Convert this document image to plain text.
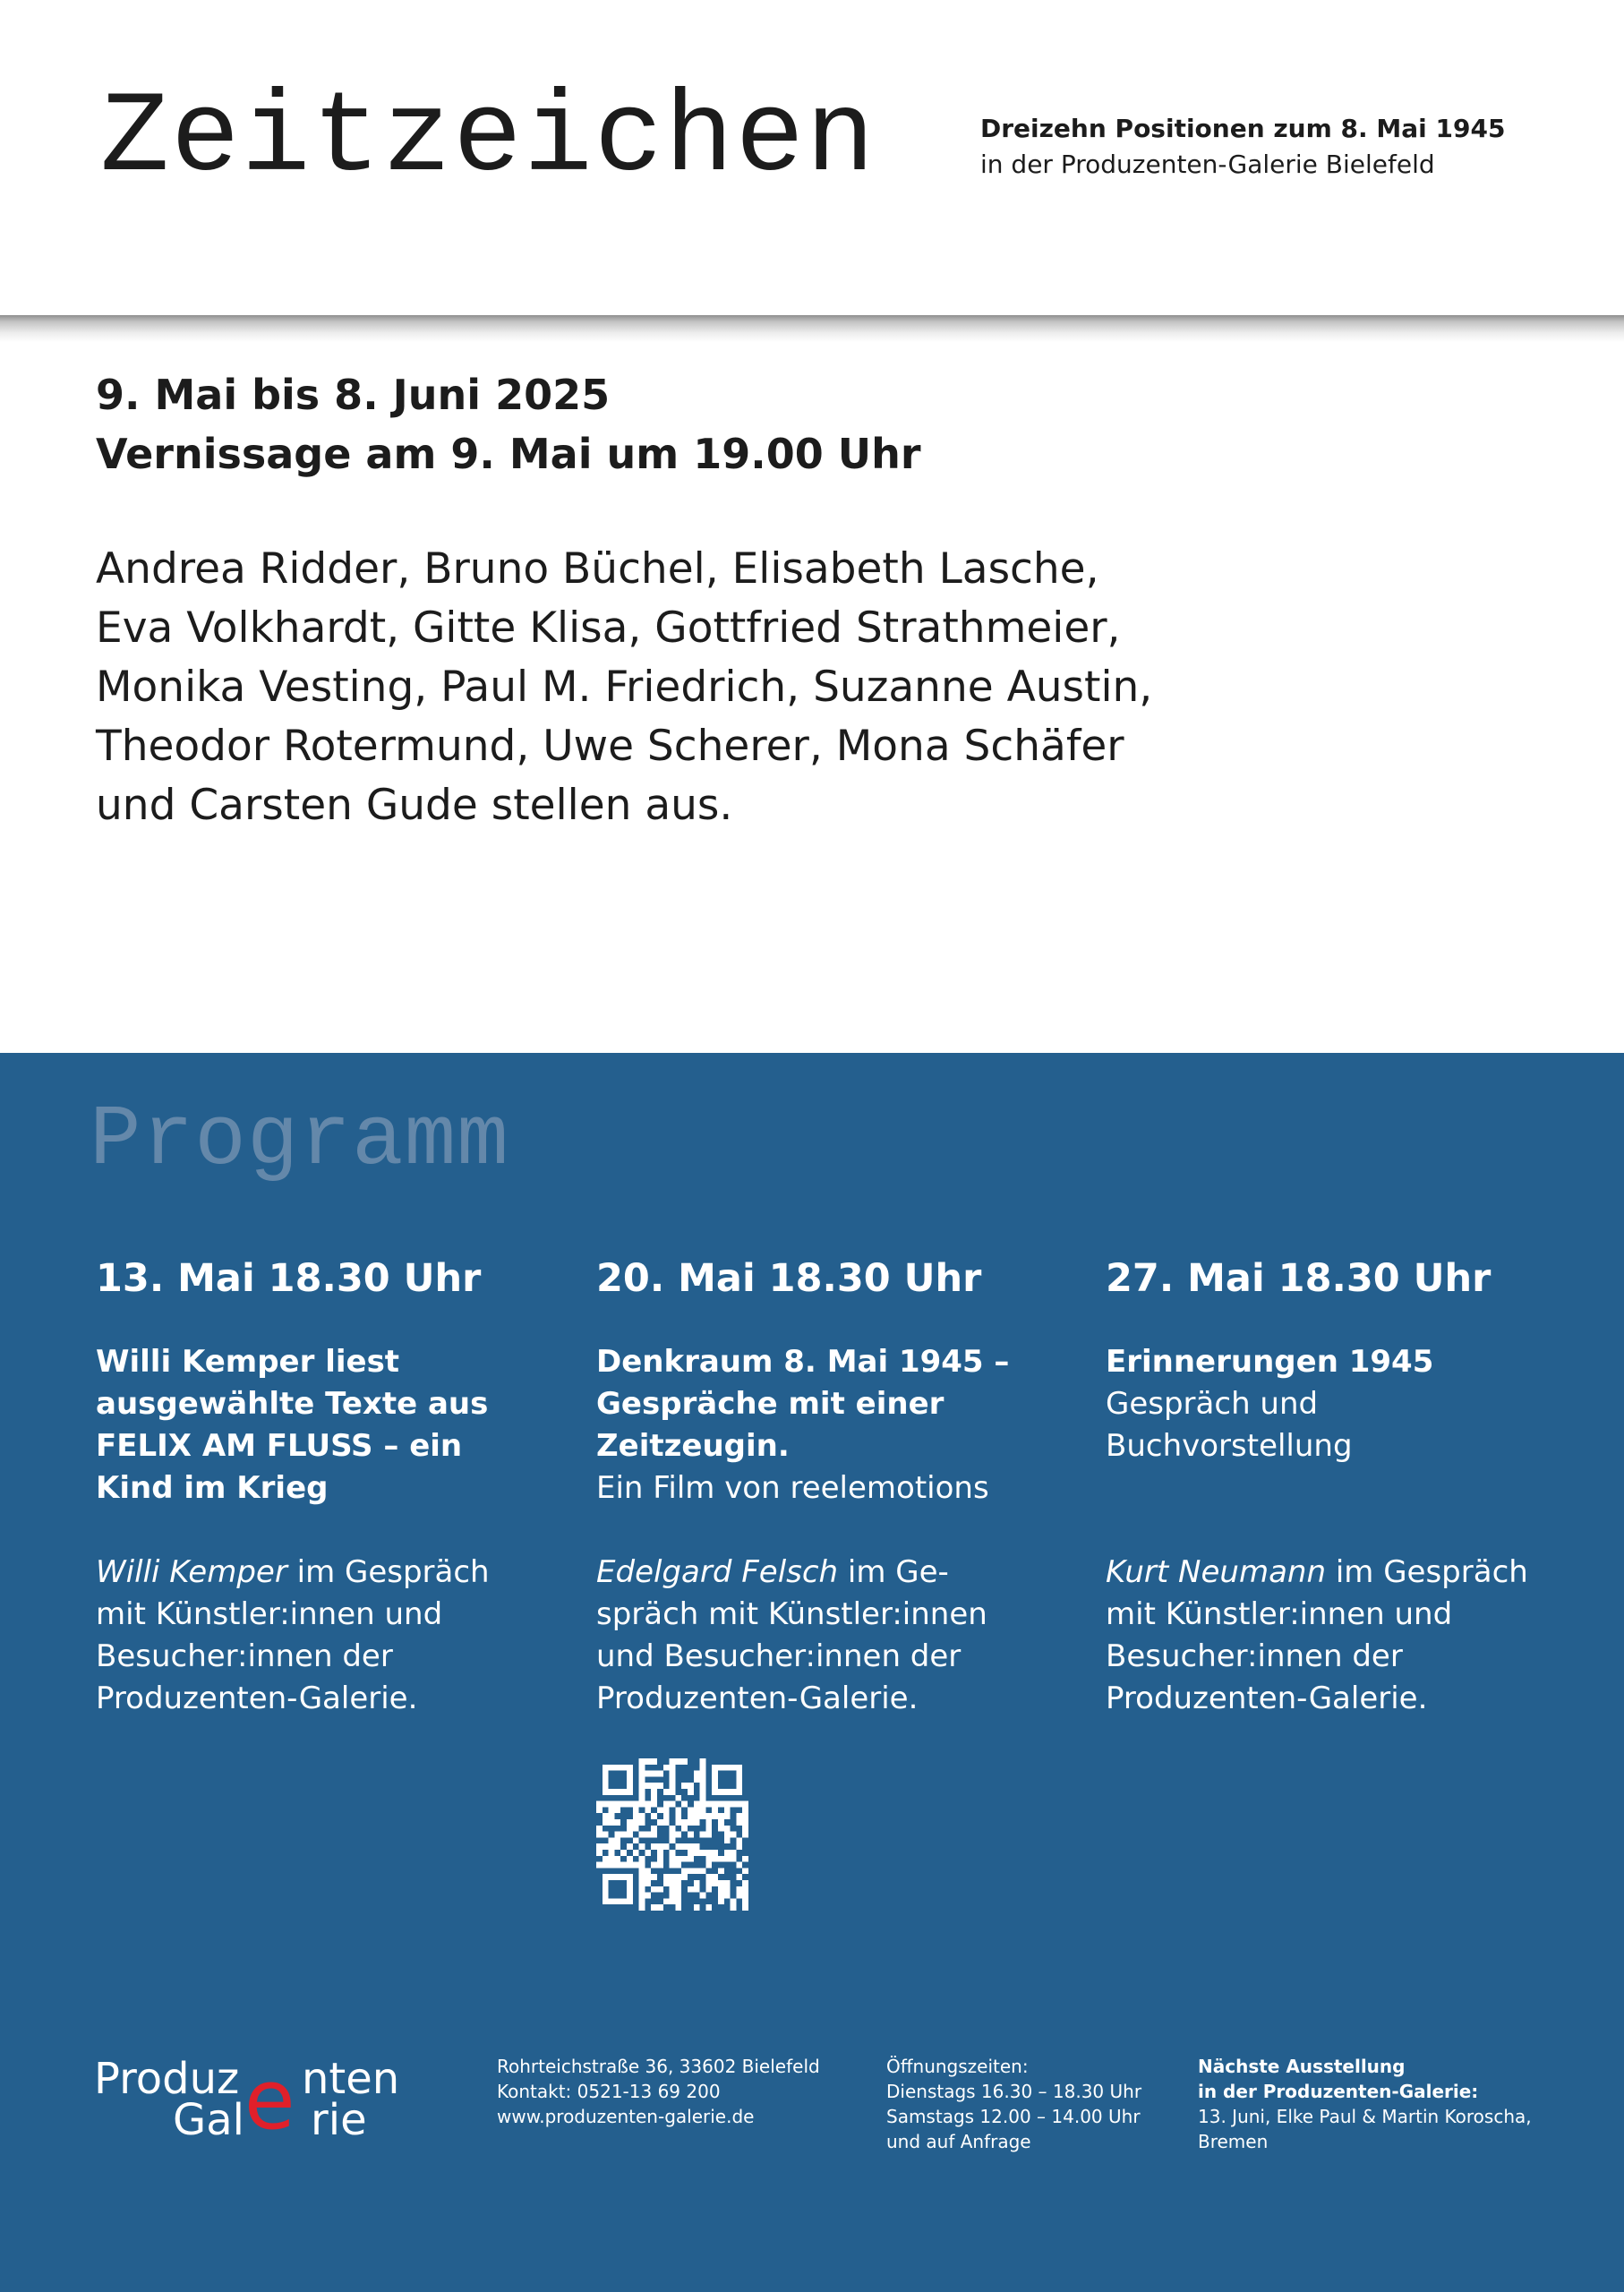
Zeitzeichen	Dreizehn Positionen zum 8. Mai 1945
in der Produzenten-Galerie Bielefeld
9. Mai bis 8. Juni 2025
Vernissage am 9. Mai um 19.00 Uhr
Andrea Ridder, Bruno Büchel, Elisabeth Lasche,
Eva Volkhardt, Gitte Klisa, Gottfried Strathmeier,
Monika Vesting, Paul M. Friedrich, Suzanne Austin,
Theodor Rotermund, Uwe Scherer, Mona Schäfer
und Carsten Gude stellen aus.
Programm
13. Mai 18.30 Uhr
Willi Kemper liest
ausgewählte Texte aus
FELIX AM FLUSS – ein
Kind im Krieg
Willi Kemper im Gespräch
mit Künstler:innen und
Besucher:innen der
Produzenten-Galerie.
20. Mai 18.30 Uhr
Denkraum 8. Mai 1945 –
Gespräche mit einer
Zeitzeugin.
Ein Film von reelemotions
Edelgard Felsch im Ge-
spräch mit Künstler:innen
und Besucher:innen der
Produzenten-Galerie.
27. Mai 18.30 Uhr
Erinnerungen 1945
Gespräch und
Buchvorstellung
Kurt Neumann im Gespräch
mit Künstler:innen und
Besucher:innen der
Produzenten-Galerie.
Produz nten
Gal rie
e	Rohrteichstraße 36, 33602 Bielefeld
Kontakt: 0521-13 69 200
www.produzenten-galerie.de
Öffnungszeiten:
Dienstags 16.30 – 18.30 Uhr
Samstags 12.00 – 14.00 Uhr
und auf Anfrage
Nächste Ausstellung
in der Produzenten-Galerie:
13. Juni, Elke Paul & Martin Koroscha,
Bremen
